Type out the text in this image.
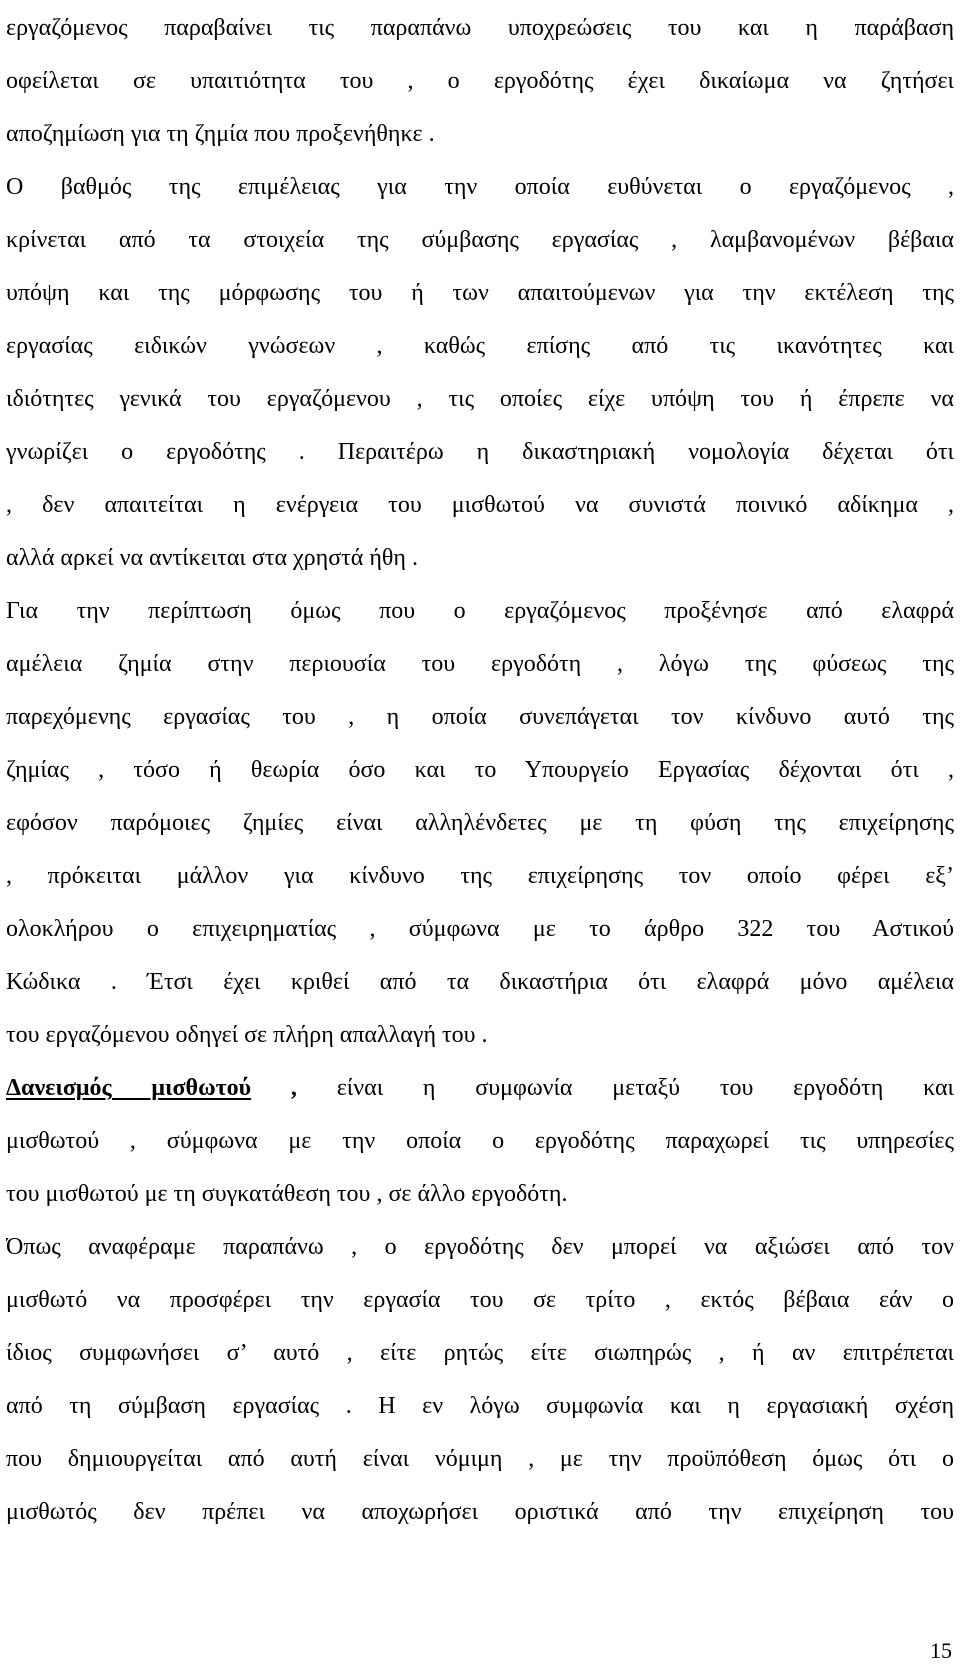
εργαζόμενος παραβαίνει τις παραπάνω υποχρεώσεις του και η παράβαση
οφείλεται σε υπαιτιότητα του , ο εργοδότης έχει δικαίωμα να ζητήσει
αποζημίωση για τη ζημία που προξενήθηκε .
Ο βαθμός της επιμέλειας για την οποία ευθύνεται ο εργαζόμενος ,
κρίνεται από τα στοιχεία της σύμβασης εργασίας , λαμβανομένων βέβαια
υπόψη και της μόρφωσης του ή των απαιτούμενων για την εκτέλεση της
εργασίας ειδικών γνώσεων , καθώς επίσης από τις ικανότητες και
ιδιότητες γενικά του εργαζόμενου , τις οποίες είχε υπόψη του ή έπρεπε να
γνωρίζει ο εργοδότης . Περαιτέρω η δικαστηριακή νομολογία δέχεται ότι
, δεν απαιτείται η ενέργεια του μισθωτού να συνιστά ποινικό αδίκημα ,
αλλά αρκεί να αντίκειται στα χρηστά ήθη .
Για την περίπτωση όμως που ο εργαζόμενος προξένησε από ελαφρά
αμέλεια ζημία στην περιουσία του εργοδότη , λόγω της φύσεως της
παρεχόμενης εργασίας του , η οποία συνεπάγεται τον κίνδυνο αυτό της
ζημίας , τόσο ή θεωρία όσο και το Υπουργείο Εργασίας δέχονται ότι ,
εφόσον παρόμοιες ζημίες είναι αλληλένδετες με τη φύση της επιχείρησης
, πρόκειται μάλλον για κίνδυνο της επιχείρησης τον οποίο φέρει εξ’
ολοκλήρου ο επιχειρηματίας , σύμφωνα με το άρθρο 322 του Αστικού
Κώδικα . Έτσι έχει κριθεί από τα δικαστήρια ότι ελαφρά μόνο αμέλεια
του εργαζόμενου οδηγεί σε πλήρη απαλλαγή του .
Δανεισμός μισθωτού , είναι η συμφωνία μεταξύ του εργοδότη και
μισθωτού , σύμφωνα με την οποία ο εργοδότης παραχωρεί τις υπηρεσίες
του μισθωτού με τη συγκατάθεση του , σε άλλο εργοδότη.
Όπως αναφέραμε παραπάνω , ο εργοδότης δεν μπορεί να αξιώσει από τον
μισθωτό να προσφέρει την εργασία του σε τρίτο , εκτός βέβαια εάν ο
ίδιος συμφωνήσει σ’ αυτό , είτε ρητώς είτε σιωπηρώς , ή αν επιτρέπεται
από τη σύμβαση εργασίας . Η εν λόγω συμφωνία και η εργασιακή σχέση
που δημιουργείται από αυτή είναι νόμιμη , με την προϋπόθεση όμως ότι ο
μισθωτός δεν πρέπει να αποχωρήσει οριστικά από την επιχείρηση του
15
